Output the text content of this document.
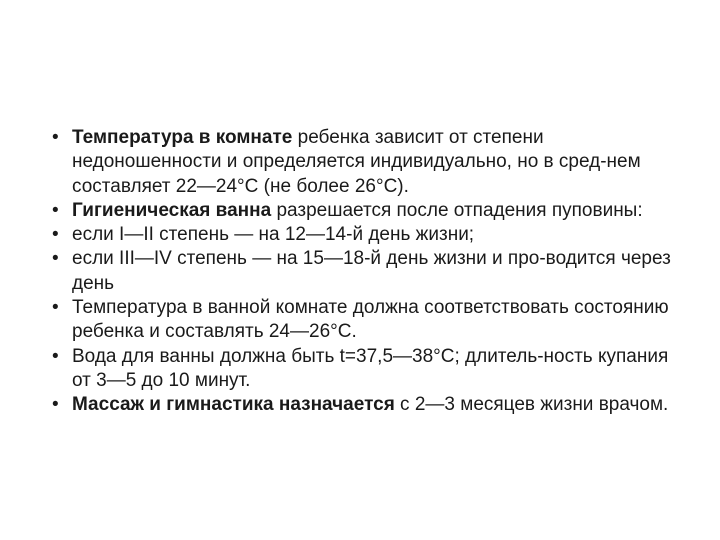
• Температура в комнате ребенка зависит от степени недоношенности и определяется индивидуально, но в сред-нем составляет 22—24°С (не более 26°С).
• Гигиеническая ванна разрешается после отпадения пуповины:
• если I—II степень — на 12—14-й день жизни;
• если III—IV степень — на 15—18-й день жизни и про-водится через день
• Температура в ванной комнате должна соответствовать состоянию ребенка и составлять 24—26°С.
• Вода для ванны должна быть t=37,5—38°С; длитель-ность купания от 3—5 до 10 минут.
• Массаж и гимнастика назначается с 2—3 месяцев жизни врачом.
